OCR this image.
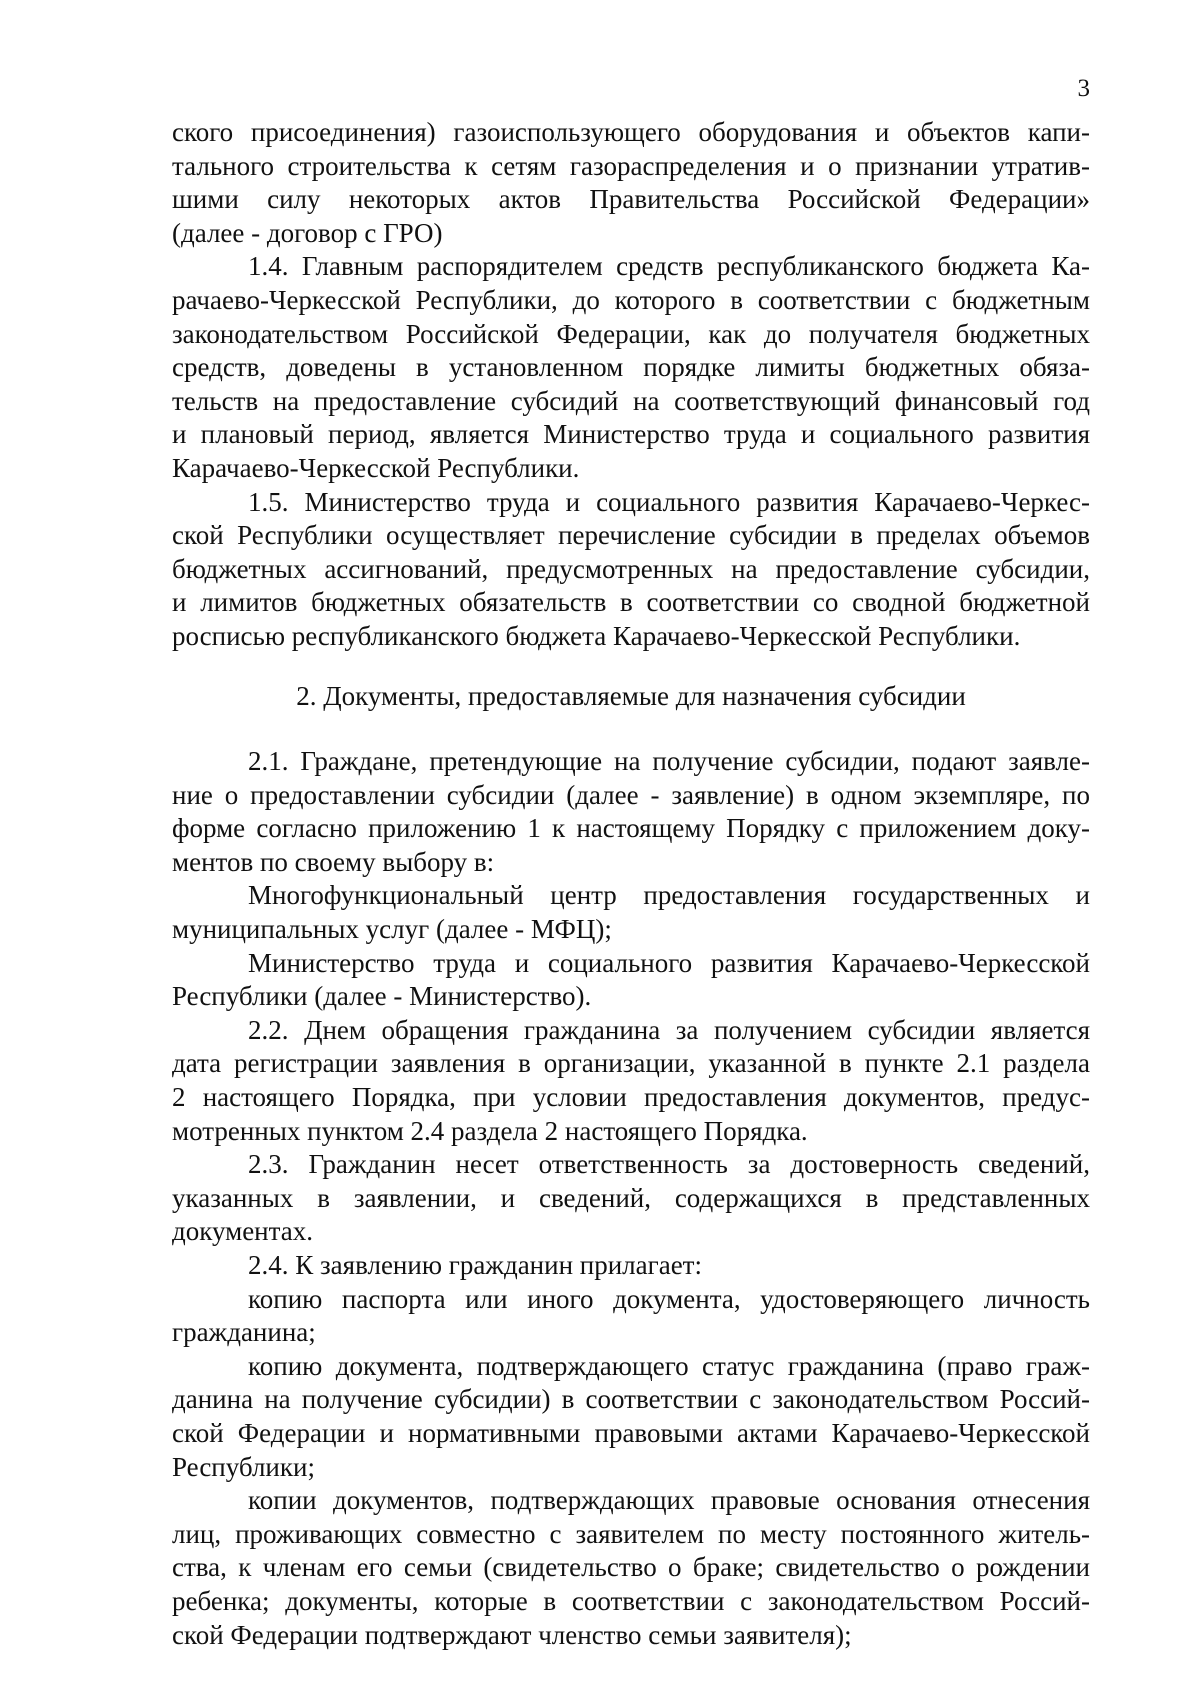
3
ского присоединения) газоиспользующего оборудования и объектов капи-
тального строительства к сетям газораспределения и о признании утратив-
шими силу некоторых актов Правительства Российской Федерации»
(далее - договор с ГРО)
1.4. Главным распорядителем средств республиканского бюджета Ка-
рачаево-Черкесской Республики, до которого в соответствии с бюджетным
законодательством Российской Федерации, как до получателя бюджетных
средств, доведены в установленном порядке лимиты бюджетных обяза-
тельств на предоставление субсидий на соответствующий финансовый год
и плановый период, является Министерство труда и социального развития
Карачаево-Черкесской Республики.
1.5. Министерство труда и социального развития Карачаево-Черкес-
ской Республики осуществляет перечисление субсидии в пределах объемов
бюджетных ассигнований, предусмотренных на предоставление субсидии,
и лимитов бюджетных обязательств в соответствии со сводной бюджетной
росписью республиканского бюджета Карачаево-Черкесской Республики.
2. Документы, предоставляемые для назначения субсидии
2.1. Граждане, претендующие на получение субсидии, подают заявле-
ние о предоставлении субсидии (далее - заявление) в одном экземпляре, по
форме согласно приложению 1 к настоящему Порядку с приложением доку-
ментов по своему выбору в:
Многофункциональный центр предоставления государственных и
муниципальных услуг (далее - МФЦ);
Министерство труда и социального развития Карачаево-Черкесской
Республики (далее - Министерство).
2.2. Днем обращения гражданина за получением субсидии является
дата регистрации заявления в организации, указанной в пункте 2.1 раздела
2 настоящего Порядка, при условии предоставления документов, предус-
мотренных пунктом 2.4 раздела 2 настоящего Порядка.
2.3. Гражданин несет ответственность за достоверность сведений,
указанных в заявлении, и сведений, содержащихся в представленных
документах.
2.4. К заявлению гражданин прилагает:
копию паспорта или иного документа, удостоверяющего личность
гражданина;
копию документа, подтверждающего статус гражданина (право граж-
данина на получение субсидии) в соответствии с законодательством Россий-
ской Федерации и нормативными правовыми актами Карачаево-Черкесской
Республики;
копии документов, подтверждающих правовые основания отнесения
лиц, проживающих совместно с заявителем по месту постоянного житель-
ства, к членам его семьи (свидетельство о браке; свидетельство о рождении
ребенка; документы, которые в соответствии с законодательством Россий-
ской Федерации подтверждают членство семьи заявителя);
